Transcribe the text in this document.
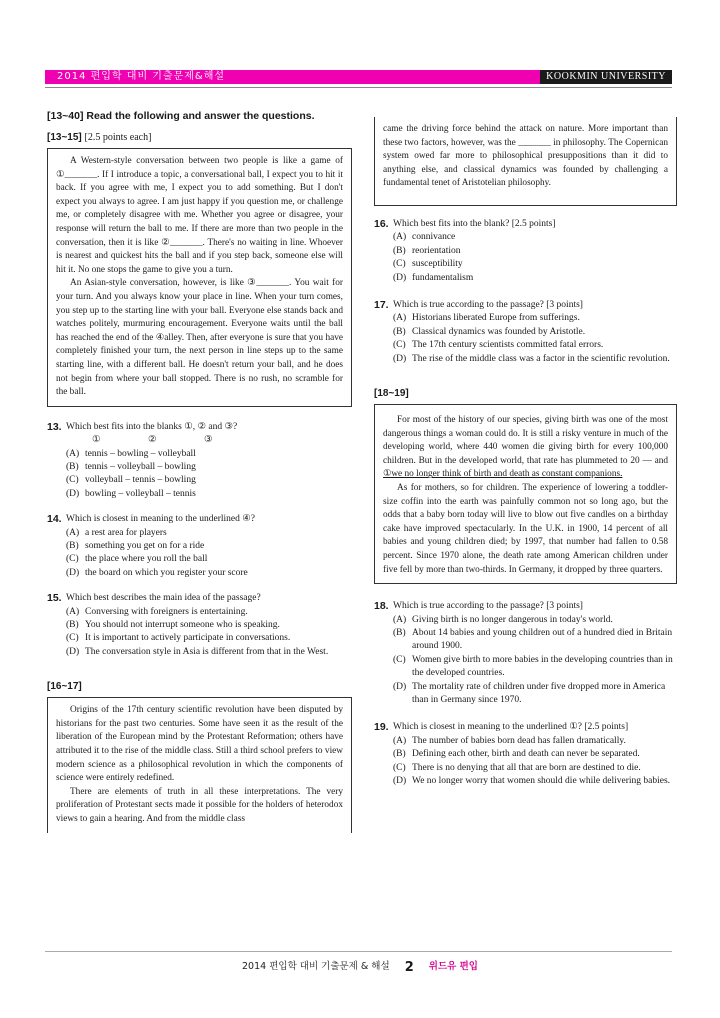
2014 편입학 대비 기출문제&해설	KOOKMIN UNIVERSITY
[13~40] Read the following and answer the questions.
[13~15] [2.5 points each]

A Western-style conversation between two people is like a game of ①_______. If I introduce a topic, a conversational ball, I expect you to hit it back. If you agree with me, I expect you to add something. But I don't expect you always to agree. I am just happy if you question me, or challenge me, or completely disagree with me. Whether you agree or disagree, your response will return the ball to me. If there are more than two people in the conversation, then it is like ②_______. There's no waiting in line. Whoever is nearest and quickest hits the ball and if you step back, someone else will hit it. No one stops the game to give you a turn.

An Asian-style conversation, however, is like ③_______. You wait for your turn. And you always know your place in line. When your turn comes, you step up to the starting line with your ball. Everyone else stands back and watches politely, murmuring encouragement. Everyone waits until the ball has reached the end of the ④alley. Then, after everyone is sure that you have completely finished your turn, the next person in line steps up to the same starting line, with a different ball. He doesn't return your ball, and he does not begin from where your ball stopped. There is no rush, no scramble for the ball.

13. Which best fits into the blanks ①, ② and ③?
①	②	③
(A) tennis – bowling – volleyball
(B) tennis – volleyball – bowling
(C) volleyball – tennis – bowling
(D) bowling – volleyball – tennis
14. Which is closest in meaning to the underlined ④?
(A) a rest area for players
(B) something you get on for a ride
(C) the place where you roll the ball
(D) the board on which you register your score
15. Which best describes the main idea of the passage?
(A) Conversing with foreigners is entertaining.
(B) You should not interrupt someone who is speaking.
(C) It is important to actively participate in conversations.
(D) The conversation style in Asia is different from that in the West.
[16~17]

Origins of the 17th century scientific revolution have been disputed by historians for the past two centuries. Some have seen it as the result of the liberation of the European mind by the Protestant Reformation; others have attributed it to the rise of the middle class. Still a third school prefers to view modern science as a philosophical revolution in which the components of science were entirely redefined.

There are elements of truth in all these interpretations. The very proliferation of Protestant sects made it possible for the holders of heterodox views to gain a hearing. And from the middle class

came the driving force behind the attack on nature. More important than these two factors, however, was the _______ in philosophy. The Copernican system owed far more to philosophical presuppositions than it did to anything else, and classical dynamics was founded by challenging a fundamental tenet of Aristotelian philosophy.

16. Which best fits into the blank? [2.5 points]
(A) connivance
(B) reorientation
(C) susceptibility
(D) fundamentalism
17. Which is true according to the passage? [3 points]
(A) Historians liberated Europe from sufferings.
(B) Classical dynamics was founded by Aristotle.
(C) The 17th century scientists committed fatal errors.
(D) The rise of the middle class was a factor in the scientific revolution.
[18~19]

For most of the history of our species, giving birth was one of the most dangerous things a woman could do. It is still a risky venture in much of the developing world, where 440 women die giving birth for every 100,000 children. But in the developed world, that rate has plummeted to 20 — and ①we no longer think of birth and death as constant companions.

As for mothers, so for children. The experience of lowering a toddler-size coffin into the earth was painfully common not so long ago, but the odds that a baby born today will live to blow out five candles on a birthday cake have improved spectacularly. In the U.K. in 1900, 14 percent of all babies and young children died; by 1997, that number had fallen to 0.58 percent. Since 1970 alone, the death rate among American children under five fell by more than two-thirds. In Germany, it dropped by three quarters.

18. Which is true according to the passage? [3 points]
(A) Giving birth is no longer dangerous in today's world.
(B) About 14 babies and young children out of a hundred died in Britain around 1900.
(C) Women give birth to more babies in the developing countries than in the developed countries.
(D) The mortality rate of children under five dropped more in America than in Germany since 1970.
19. Which is closest in meaning to the underlined ①? [2.5 points]
(A) The number of babies born dead has fallen dramatically.
(B) Defining each other, birth and death can never be separated.
(C) There is no denying that all that are born are destined to die.
(D) We no longer worry that women should die while delivering babies.
2014 편입학 대비 기출문제 & 해설 2 위드유 편입
